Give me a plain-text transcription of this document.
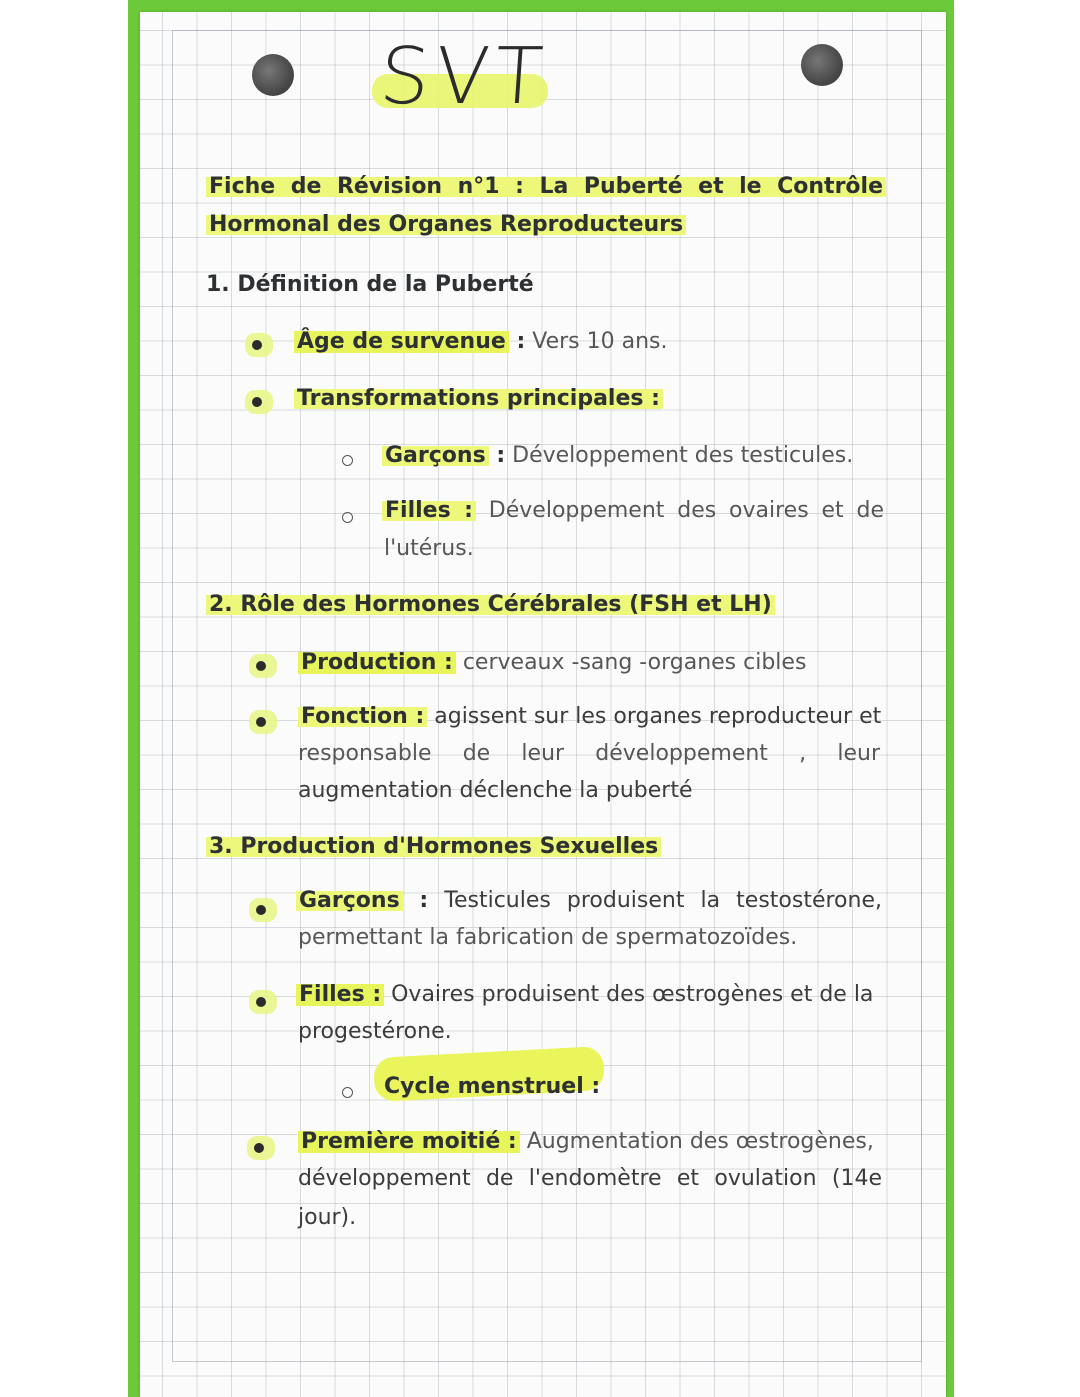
SVT
Fiche de Révision n°1 : La Puberté et le Contrôle
Hormonal des Organes Reproducteurs
1. Définition de la Puberté
Âge de survenue : Vers 10 ans.
Transformations principales :
Garçons : Développement des testicules.
Filles : Développement des ovaires et de
l'utérus.
2. Rôle des Hormones Cérébrales (FSH et LH)
Production : cerveaux -sang -organes cibles
Fonction : agissent sur les organes reproducteur et
responsable de leur développement , leur
augmentation déclenche la puberté
3. Production d'Hormones Sexuelles
Garçons : Testicules produisent la testostérone,
permettant la fabrication de spermatozoïdes.
Filles : Ovaires produisent des œstrogènes et de la
progestérone.
Cycle menstruel :
Première moitié : Augmentation des œstrogènes,
développement de l'endomètre et ovulation (14e
jour).
